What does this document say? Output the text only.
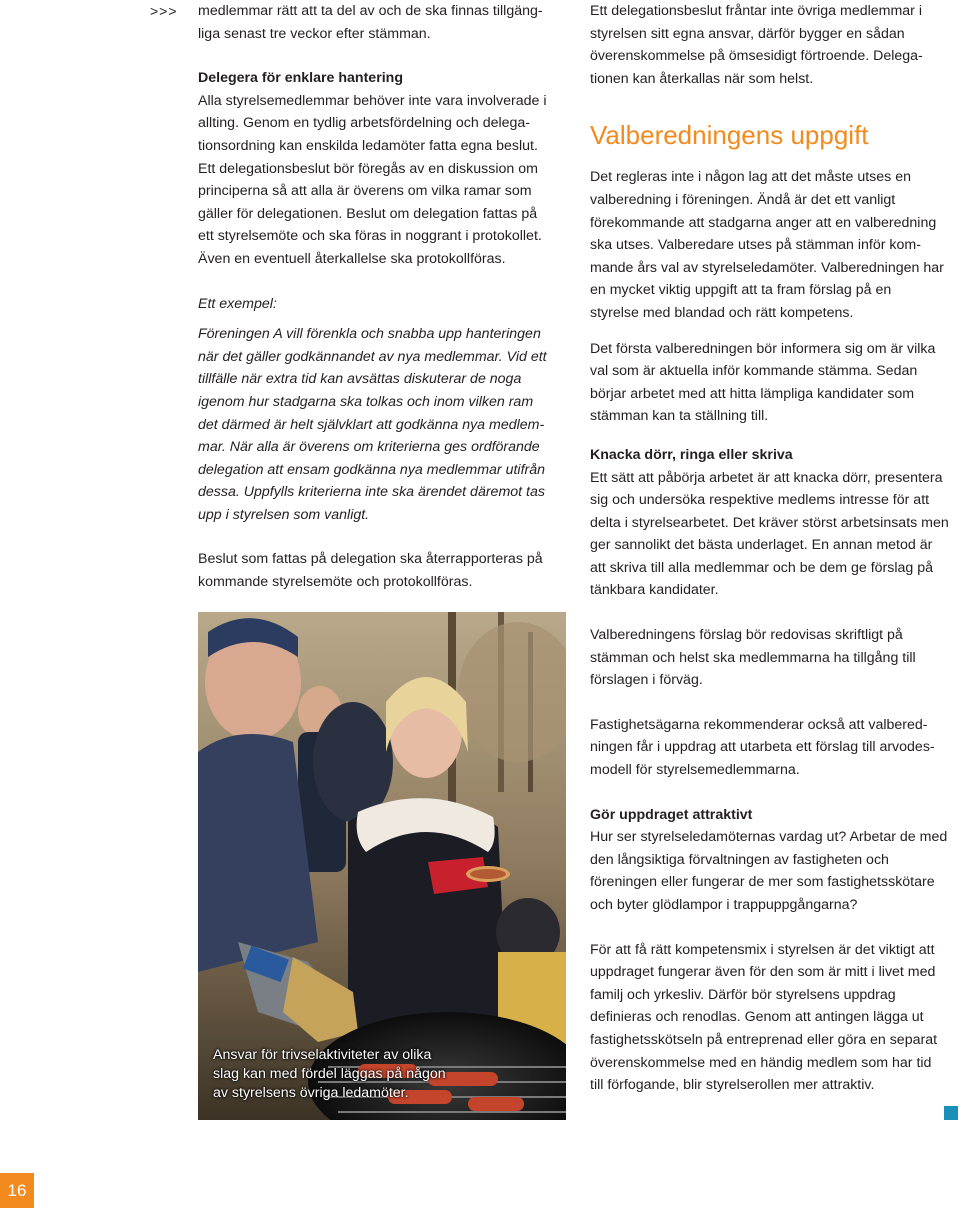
>>> medlemmar rätt att ta del av och de ska finnas tillgäng-

liga senast tre veckor efter stämman.

Delegera för enklare hantering

Alla styrelsemedlemmar behöver inte vara involverade i

allting. Genom en tydlig arbetsfördelning och delega-

tionsordning kan enskilda ledamöter fatta egna beslut.

Ett delegationsbeslut bör föregås av en diskussion om

principerna så att alla är överens om vilka ramar som

gäller för delegationen. Beslut om delegation fattas på

ett styrelsemöte och ska föras in noggrant i protokollet.

Även en eventuell återkallelse ska protokollföras.

Ett exempel:

Föreningen A vill förenkla och snabba upp hanteringen

när det gäller godkännandet av nya medlemmar. Vid ett

tillfälle när extra tid kan avsättas diskuterar de noga

igenom hur stadgarna ska tolkas och inom vilken ram

det därmed är helt självklart att godkänna nya medlem-

mar. När alla är överens om kriterierna ges ordförande

delegation att ensam godkänna nya medlemmar utifrån

dessa. Uppfylls kriterierna inte ska ärendet däremot tas

upp i styrelsen som vanligt.

Beslut som fattas på delegation ska återrapporteras på

kommande styrelsemöte och protokollföras.

Ansvar för trivselaktiviteter av olika
slag kan med fördel läggas på någon
av styrelsens övriga ledamöter.

Ett delegationsbeslut fråntar inte övriga medlemmar i

styrelsen sitt egna ansvar, därför bygger en sådan

överenskommelse på ömsesidigt förtroende. Delega-

tionen kan återkallas när som helst.

Valberedningens uppgift

Det regleras inte i någon lag att det måste utses en

valberedning i föreningen. Ändå är det ett vanligt

förekommande att stadgarna anger att en valberedning

ska utses. Valberedare utses på stämman inför kom-

mande års val av styrelseledamöter. Valberedningen har

en mycket viktig uppgift att ta fram förslag på en

styrelse med blandad och rätt kompetens.

Det första valberedningen bör informera sig om är vilka

val som är aktuella inför kommande stämma. Sedan

börjar arbetet med att hitta lämpliga kandidater som

stämman kan ta ställning till.

Knacka dörr, ringa eller skriva

Ett sätt att påbörja arbetet är att knacka dörr, presentera

sig och undersöka respektive medlems intresse för att

delta i styrelsearbetet. Det kräver störst arbetsinsats men

ger sannolikt det bästa underlaget. En annan metod är

att skriva till alla medlemmar och be dem ge förslag på

tänkbara kandidater.

Valberedningens förslag bör redovisas skriftligt på

stämman och helst ska medlemmarna ha tillgång till

förslagen i förväg.

Fastighetsägarna rekommenderar också att valbered-

ningen får i uppdrag att utarbeta ett förslag till arvodes-

modell för styrelsemedlemmarna.

Gör uppdraget attraktivt

Hur ser styrelseledamöternas vardag ut? Arbetar de med

den långsiktiga förvaltningen av fastigheten och

föreningen eller fungerar de mer som fastighetsskötare

och byter glödlampor i trappuppgångarna?

För att få rätt kompetensmix i styrelsen är det viktigt att

uppdraget fungerar även för den som är mitt i livet med

familj och yrkesliv. Därför bör styrelsens uppdrag

definieras och renodlas. Genom att antingen lägga ut

fastighetsskötseln på entreprenad eller göra en separat

överenskommelse med en händig medlem som har tid

till förfogande, blir styrelserollen mer attraktiv.

16
